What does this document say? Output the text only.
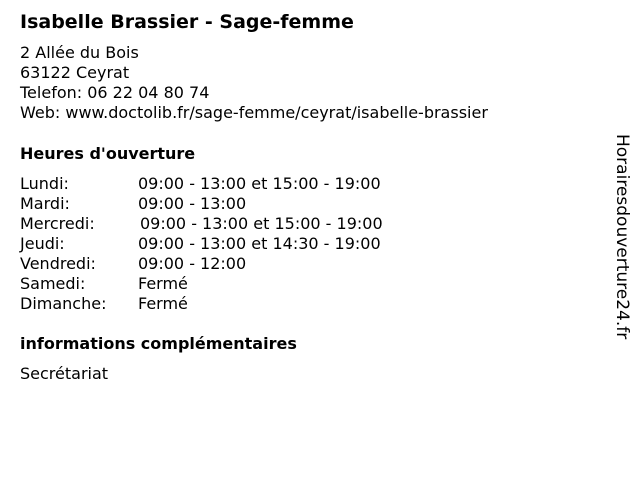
Isabelle Brassier - Sage-femme
2 Allée du Bois
63122 Ceyrat
Telefon: 06 22 04 80 74
Web: www.doctolib.fr/sage-femme/ceyrat/isabelle-brassier
Heures d'ouverture
Lundi:	09:00 - 13:00 et 15:00 - 19:00
Mardi:	09:00 - 13:00
Mercredi:	09:00 - 13:00 et 15:00 - 19:00
Jeudi:	09:00 - 13:00 et 14:30 - 19:00
Vendredi:	09:00 - 12:00
Samedi:	Fermé
Dimanche: Fermé
informations complémentaires
Secrétariat
Horairesdouverture24.fr
